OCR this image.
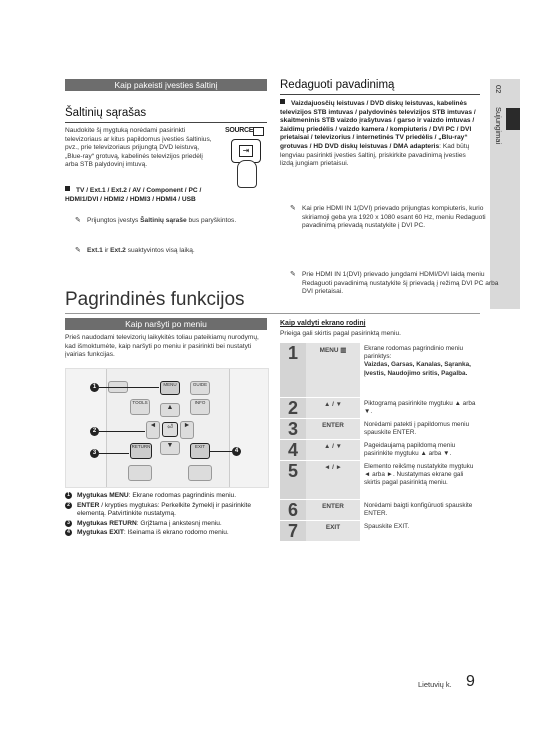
02
Sujungimai
Kaip pakeisti įvesties šaltinį
Šaltinių sąrašas
Naudokite šį mygtuką norėdami pasirinkti televizoriaus ar kitus papildomus įvesties šaltinius, pvz., prie televizoriaus prijungtą DVD leistuvą, „Blue-ray“ grotuvą, kabelinės televizijos priedėlį arba STB palydovinį imtuvą.
SOURCE
⇥
TV / Ext.1 / Ext.2 / AV / Component / PC / HDMI1/DVI / HDMI2 / HDMI3 / HDMI4 / USB
✎ Prijungtos įvestys Šaltinių sąraše bus paryškintos.
✎ Ext.1 ir Ext.2 suaktyvintos visą laiką.
Redaguoti pavadinimą
Vaizdajuosčių leistuvas / DVD diskų leistuvas, kabelinės televizijos STB imtuvas / palydovinės televizijos STB imtuvas / skaitmeninis STB vaizdo įrašytuvas / garso ir vaizdo imtuvas / žaidimų priedėlis / vaizdo kamera / kompiuteris / DVI PC / DVI prietaisai / televizorius / internetinės TV priedėlis / „Blu-ray“ grotuvas / HD DVD diskų leistuvas / DMA adapteris: Kad būtų lengviau pasirinkti įvesties šaltinį, priskirkite pavadinimą įvesties lizdą jungiam prietaisui.
✎ Kai prie HDMI IN 1(DVI) prievado prijungtas kompiuteris, kurio skiriamoji geba yra 1920 x 1080 esant 60 Hz, meniu Redaguoti pavadinimą prievadą nustatykite į DVI PC.
✎ Prie HDMI IN 1(DVI) prievado jungdami HDMI/DVI laidą meniu Redaguoti pavadinimą nustatykite šį prievadą į režimą DVI PC arba DVI prietaisai.
Pagrindinės funkcijos
Kaip naršyti po meniu
Prieš naudodami televizorių laikykitės toliau pateikiamų nurodymų, kad išmoktumėte, kaip naršyti po meniu ir pasirinkti bei nustatyti įvairias funkcijas.
MENU	GUIDE
TOOLS	INFO
▲
◄	⏎	►
▼
RETURN	EXIT
1
2
3	4
1	Mygtukas MENU: Ekrane rodomas pagrindinis meniu.
2	ENTER / krypties mygtukas: Perkelkite žymeklį ir pasirinkite elementą. Patvirtinkite nustatymą.
3	Mygtukas RETURN: Grįžtama į ankstesnį meniu.
4	Mygtukas EXIT: Išeinama iš ekrano rodomo meniu.
Kaip valdyti ekrano rodinį
Prieiga gali skirtis pagal pasirinktą meniu.
1	MENU ▥	Ekrane rodomas pagrindinio meniu parinktys:
Vaizdas, Garsas, Kanalas, Sąranka, Įvestis, Naudojimo sritis, Pagalba.
2	▲ / ▼	Piktogramą pasirinkite mygtuku ▲ arba ▼.
3	ENTER	Norėdami patekti į papildomus meniu spauskite ENTER.
4	▲ / ▼	Pageidaujamą papildomą meniu pasirinkite mygtuku ▲ arba ▼.
5	◄ / ►	Elemento reikšmę nustatykite mygtuku ◄ arba ►. Nustatymas ekrane gali skirtis pagal pasirinktą meniu.
6	ENTER	Norėdami baigti konfigūruoti spauskite ENTER.
7	EXIT	Spauskite EXIT.
Lietuvių k. 9
